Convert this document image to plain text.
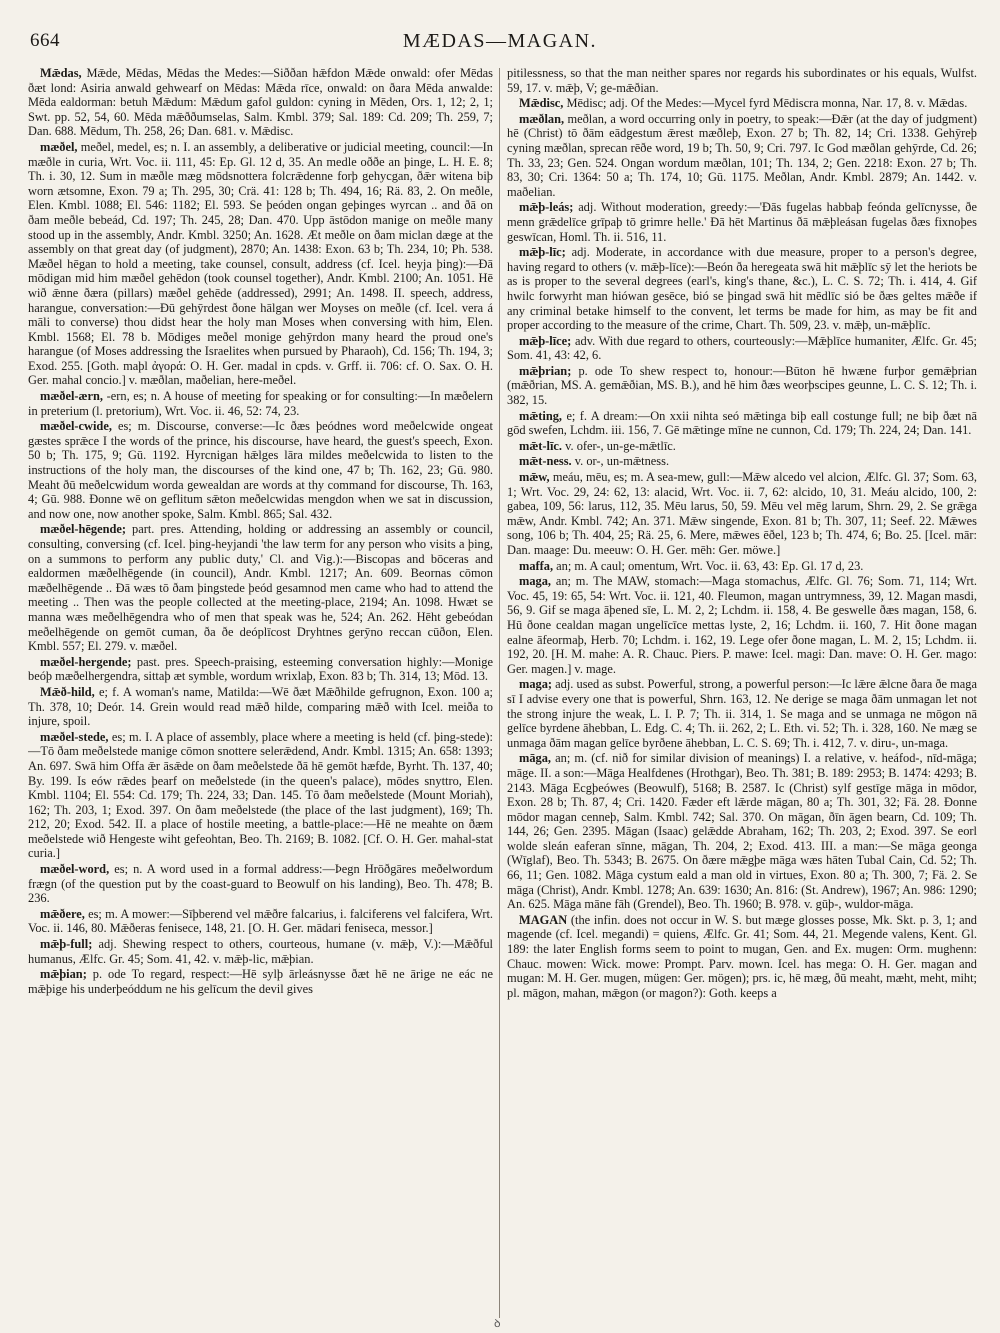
664	MÆDAS—MAGAN.

Mǣdas, Mǣde, Mēdas, Mēdas the Medes:—Siððan hǣfdon Mǣde onwald: ofer Mēdas ðæt lond: Asiria anwald gehwearf on Mēdas: Mǣda rīce, onwald: on ðara Mēda anwalde: Mēda ealdorman: betuh Mǣdum: Mǣdum gafol guldon: cyning in Mēden, Ors. 1, 12; 2, 1; Swt. pp. 52, 54, 60. Mēda mǣððumselas, Salm. Kmbl. 379; Sal. 189: Cd. 209; Th. 259, 7; Dan. 688. Mēdum, Th. 258, 26; Dan. 681. v. Mǣdisc.

mæðel, meðel, medel, es; n. I. an assembly, a deliberative or judicial meeting, council:—In mæðle in curia, Wrt. Voc. ii. 111, 45: Ep. Gl. 12 d, 35. An medle oððe an þinge, L. H. E. 8; Th. i. 30, 12. Sum in mæðle mæg mōdsnottera folcrǣdenne forþ gehycgan, ðǣr witena biþ worn ætsomne, Exon. 79 a; Th. 295, 30; Crä. 41: 128 b; Th. 494, 16; Rä. 83, 2. On meðle, Elen. Kmbl. 1088; El. 546: 1182; El. 593. Se þeóden ongan geþinges wyrcan .. and ðā on ðam meðle bebeád, Cd. 197; Th. 245, 28; Dan. 470. Upp āstōdon manige on meðle many stood up in the assembly, Andr. Kmbl. 3250; An. 1628. Æt meðle on ðam miclan dæge at the assembly on that great day (of judgment), 2870; An. 1438: Exon. 63 b; Th. 234, 10; Ph. 538. Mæðel hēgan to hold a meeting, take counsel, consult, address (cf. Icel. heyja þing):—Ðā mōdigan mid him mæðel gehēdon (took counsel together), Andr. Kmbl. 2100; An. 1051. Hē wið ǣnne ðæra (pillars) mæðel gehēde (addressed), 2991; An. 1498. II. speech, address, harangue, conversation:—Ðū gehȳrdest ðone hālgan wer Moyses on meðle (cf. Icel. vera á māli to converse) thou didst hear the holy man Moses when conversing with him, Elen. Kmbl. 1568; El. 78 b. Mōdiges meðel monige gehȳrdon many heard the proud one's harangue (of Moses addressing the Israelites when pursued by Pharaoh), Cd. 156; Th. 194, 3; Exod. 255. [Goth. maþl ἀγορά: O. H. Ger. madal in cpds. v. Grff. ii. 706: cf. O. Sax. O. H. Ger. mahal concio.] v. mæðlan, maðelian, here-meðel.

mæðel-ærn, -ern, es; n. A house of meeting for speaking or for consulting:—In mæðelern in preterium (l. pretorium), Wrt. Voc. ii. 46, 52: 74, 23.

mæðel-cwide, es; m. Discourse, converse:—Ic ðæs þeódnes word meðelcwide ongeat gæstes sprǣce I the words of the prince, his discourse, have heard, the guest's speech, Exon. 50 b; Th. 175, 9; Gū. 1192. Hyrcnigan hǣlges lāra mildes meðelcwida to listen to the instructions of the holy man, the discourses of the kind one, 47 b; Th. 162, 23; Gū. 980. Meaht ðū meðelcwidum worda gewealdan are words at thy command for discourse, Th. 163, 4; Gū. 988. Ðonne wē on geflitum sǣton meðelcwidas mengdon when we sat in discussion, and now one, now another spoke, Salm. Kmbl. 865; Sal. 432.

mæðel-hēgende; part. pres. Attending, holding or addressing an assembly or council, consulting, conversing (cf. Icel. þing-heyjandi 'the law term for any person who visits a þing, on a summons to perform any public duty,' Cl. and Vig.):—Biscopas and bōceras and ealdormen mæðelhēgende (in council), Andr. Kmbl. 1217; An. 609. Beornas cōmon mæðelhēgende .. Ðā wæs tō ðam þingstede þeód gesamnod men came who had to attend the meeting .. Then was the people collected at the meeting-place, 2194; An. 1098. Hwæt se manna wæs meðelhēgendra who of men that speak was he, 524; An. 262. Hēht gebeódan meðelhēgende on gemōt cuman, ða ðe deóplīcost Dryhtnes gerȳno reccan cūðon, Elen. Kmbl. 557; El. 279. v. mæðel.

mæðel-hergende; past. pres. Speech-praising, esteeming conversation highly:—Monige beóþ mæðelhergendra, sittaþ æt symble, wordum wrixlaþ, Exon. 83 b; Th. 314, 13; Mōd. 13.

Mǣð-hild, e; f. A woman's name, Matilda:—Wē ðæt Mǣðhilde gefrugnon, Exon. 100 a; Th. 378, 10; Deór. 14. Grein would read mǣð hilde, comparing mǣð with Icel. meiða to injure, spoil.

mæðel-stede, es; m. I. A place of assembly, place where a meeting is held (cf. þing-stede):—Tō ðam meðelstede manige cōmon snottere selerǣdend, Andr. Kmbl. 1315; An. 658: 1393; An. 697. Swā him Offa ǣr āsǣde on ðam meðelstede ðā hē gemōt hæfde, Byrht. Th. 137, 40; By. 199. Is eów rǣdes þearf on meðelstede (in the queen's palace), mōdes snyttro, Elen. Kmbl. 1104; El. 554: Cd. 179; Th. 224, 33; Dan. 145. Tō ðam meðelstede (Mount Moriah), 162; Th. 203, 1; Exod. 397. On ðam meðelstede (the place of the last judgment), 169; Th. 212, 20; Exod. 542. II. a place of hostile meeting, a battle-place:—Hē ne meahte on ðæm meðelstede wið Hengeste wiht gefeohtan, Beo. Th. 2169; B. 1082. [Cf. O. H. Ger. mahal-stat curia.]

mæðel-word, es; n. A word used in a formal address:—Þegn Hrōðgāres meðelwordum frægn (of the question put by the coast-guard to Beowulf on his landing), Beo. Th. 478; B. 236.

mǣðere, es; m. A mower:—Sīþberend vel mǣðre falcarius, i. falciferens vel falcifera, Wrt. Voc. ii. 146, 80. Mǣðeras fenisece, 148, 21. [O. H. Ger. mādari feniseca, messor.]

mǣþ-full; adj. Shewing respect to others, courteous, humane (v. mǣþ, V.):—Mǣðful humanus, Ælfc. Gr. 45; Som. 41, 42. v. mǣþ-lic, mǣþian.

mǣþian; p. ode To regard, respect:—Hē sylþ ārleásnysse ðæt hē ne ārige ne eác ne mǣþige his underþeóddum ne his gelīcum the devil gives

pitilessness, so that the man neither spares nor regards his subordinates or his equals, Wulfst. 59, 17. v. mǣþ, V; ge-mǣðian.

Mǣdisc, Mēdisc; adj. Of the Medes:—Mycel fyrd Mēdiscra monna, Nar. 17, 8. v. Mǣdas.

mæðlan, meðlan, a word occurring only in poetry, to speak:—Ðǣr (at the day of judgment) hē (Christ) tō ðām eādgestum ǣrest mæðleþ, Exon. 27 b; Th. 82, 14; Cri. 1338. Gehȳreþ cyning mæðlan, sprecan rēðe word, 19 b; Th. 50, 9; Cri. 797. Ic God mæðlan gehȳrde, Cd. 26; Th. 33, 23; Gen. 524. Ongan wordum mæðlan, 101; Th. 134, 2; Gen. 2218: Exon. 27 b; Th. 83, 30; Cri. 1364: 50 a; Th. 174, 10; Gū. 1175. Meðlan, Andr. Kmbl. 2879; An. 1442. v. maðelian.

mǣþ-leás; adj. Without moderation, greedy:—'Ðās fugelas habbaþ feónda gelīcnysse, ðe menn grǣdelīce grīpaþ tō grimre helle.' Ðā hēt Martinus ðā mǣþleásan fugelas ðæs fixnoþes geswīcan, Homl. Th. ii. 516, 11.

mǣþ-līc; adj. Moderate, in accordance with due measure, proper to a person's degree, having regard to others (v. mǣþ-līce):—Beón ða heregeata swā hit mǣþlīc sȳ let the heriots be as is proper to the several degrees (earl's, king's thane, &c.), L. C. S. 72; Th. i. 414, 4. Gif hwilc forwyrht man hiówan gesēce, bió se þingad swā hit mēdlīc sió be ðæs geltes mǣðe if any criminal betake himself to the convent, let terms be made for him, as may be fit and proper according to the measure of the crime, Chart. Th. 509, 23. v. mǣþ, un-mǣþlīc.

mǣþ-līce; adv. With due regard to others, courteously:—Mǣþlīce humaniter, Ælfc. Gr. 45; Som. 41, 43: 42, 6.

mǣþrian; p. ode To shew respect to, honour:—Būton hē hwæne furþor gemǣþrian (mǣðrian, MS. A. gemǣðian, MS. B.), and hē him ðæs weorþscipes geunne, L. C. S. 12; Th. i. 382, 15.

mǣting, e; f. A dream:—On xxii nihta seó mǣtinga biþ eall costunge full; ne biþ ðæt nā gōd swefen, Lchdm. iii. 156, 7. Gē mǣtinge mīne ne cunnon, Cd. 179; Th. 224, 24; Dan. 141.

mǣt-līc. v. ofer-, un-ge-mǣtlīc.

mǣt-ness. v. or-, un-mǣtness.

mǣw, meáu, mēu, es; m. A sea-mew, gull:—Mǣw alcedo vel alcion, Ælfc. Gl. 37; Som. 63, 1; Wrt. Voc. 29, 24: 62, 13: alacid, Wrt. Voc. ii. 7, 62: alcido, 10, 31. Meáu alcido, 100, 2: gabea, 109, 56: larus, 112, 35. Mēu larus, 50, 59. Mēu vel mēg larum, Shrn. 29, 2. Se grǣga mǣw, Andr. Kmbl. 742; An. 371. Mǣw singende, Exon. 81 b; Th. 307, 11; Seef. 22. Mǣwes song, 106 b; Th. 404, 25; Rä. 25, 6. Mere, mǣwes ēðel, 123 b; Th. 474, 6; Bo. 25. [Icel. mār: Dan. maage: Du. meeuw: O. H. Ger. mēh: Ger. möwe.]

maffa, an; m. A caul; omentum, Wrt. Voc. ii. 63, 43: Ep. Gl. 17 d, 23.

maga, an; m. The MAW, stomach:—Maga stomachus, Ælfc. Gl. 76; Som. 71, 114; Wrt. Voc. 45, 19: 65, 54: Wrt. Voc. ii. 121, 40. Fleumon, magan untrymness, 39, 12. Magan masdi, 56, 9. Gif se maga āþened sīe, L. M. 2, 2; Lchdm. ii. 158, 4. Be geswelle ðæs magan, 158, 6. Hū ðone cealdan magan ungelīcīce mettas lyste, 2, 16; Lchdm. ii. 160, 7. Hit ðone magan ealne āfeormaþ, Herb. 70; Lchdm. i. 162, 19. Lege ofer ðone magan, L. M. 2, 15; Lchdm. ii. 192, 20. [H. M. mahe: A. R. Chauc. Piers. P. mawe: Icel. magi: Dan. mave: O. H. Ger. mago: Ger. magen.] v. mage.

maga; adj. used as subst. Powerful, strong, a powerful person:—Ic lǣre ǣlcne ðara ðe maga sī I advise every one that is powerful, Shrn. 163, 12. Ne derige se maga ðām unmagan let not the strong injure the weak, L. I. P. 7; Th. ii. 314, 1. Se maga and se unmaga ne mōgon nā gelīce byrdene āhebban, L. Edg. C. 4; Th. ii. 262, 2; L. Eth. vi. 52; Th. i. 328, 160. Ne mæg se unmaga ðām magan gelīce byrðene āhebban, L. C. S. 69; Th. i. 412, 7. v. diru-, un-maga.

māga, an; m. (cf. nið for similar division of meanings) I. a relative, v. heáfod-, nīd-māga; māge. II. a son:—Māga Healfdenes (Hrothgar), Beo. Th. 381; B. 189: 2953; B. 1474: 4293; B. 2143. Māga Ecgþeówes (Beowulf), 5168; B. 2587. Ic (Christ) sylf gestīge māga in mōdor, Exon. 28 b; Th. 87, 4; Cri. 1420. Fæder eft lǣrde māgan, 80 a; Th. 301, 32; Fä. 28. Ðonne mōdor magan cenneþ, Salm. Kmbl. 742; Sal. 370. On māgan, ðīn āgen bearn, Cd. 109; Th. 144, 26; Gen. 2395. Māgan (Isaac) gelǣdde Abraham, 162; Th. 203, 2; Exod. 397. Se eorl wolde sleán eaferan sīnne, māgan, Th. 204, 2; Exod. 413. III. a man:—Se māga geonga (Wīglaf), Beo. Th. 5343; B. 2675. On ðære mǣgþe māga wæs hāten Tubal Cain, Cd. 52; Th. 66, 11; Gen. 1082. Māga cystum eald a man old in virtues, Exon. 80 a; Th. 300, 7; Fä. 2. Se māga (Christ), Andr. Kmbl. 1278; An. 639: 1630; An. 816: (St. Andrew), 1967; An. 986: 1290; An. 625. Māga māne fāh (Grendel), Beo. Th. 1960; B. 978. v. gūþ-, wuldor-māga.

MAGAN (the infin. does not occur in W. S. but mæge glosses posse, Mk. Skt. p. 3, 1; and magende (cf. Icel. megandi) = quiens, Ælfc. Gr. 41; Som. 44, 21. Megende valens, Kent. Gl. 189: the later English forms seem to point to mugan, Gen. and Ex. mugen: Orm. mughenn: Chauc. mowen: Wick. mowe: Prompt. Parv. mown. Icel. has mega: O. H. Ger. magan and mugan: M. H. Ger. mugen, mügen: Ger. mögen); prs. ic, hē mæg, ðū meaht, mæht, meht, miht; pl. māgon, mahan, mǣgon (or magon?): Goth. keeps a

ꝺ
